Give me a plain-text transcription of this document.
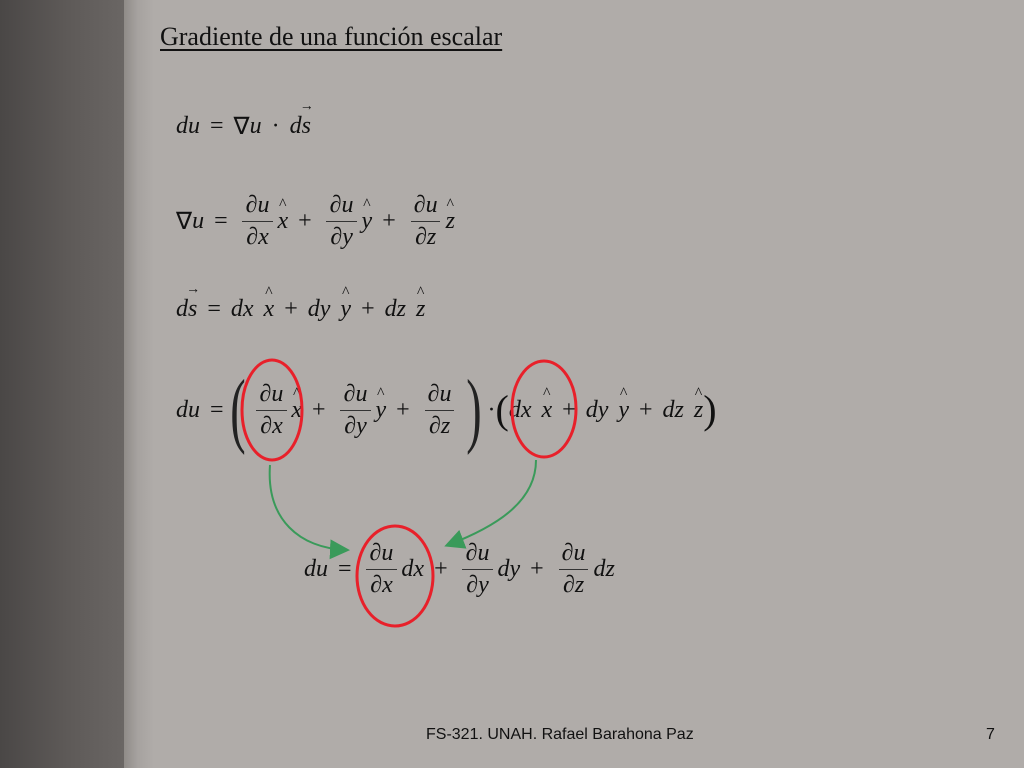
Gradiente de una función escalar
du = ∇ u · d → s
∇ $u = \frac{\partial u}{\partial x}$ ^ $x + \frac{\partial u}{\partial y}$ ^ $y + \frac{\partial u}{\partial z}$ ^ z
d → s = dx ^ x + dy ^ y + dz ^ z
du = ( $\frac{\partial u}{\partial x}$ ^ $x + \frac{\partial u}{\partial y}$ ^ $y + \frac{\partial u}{\partial z}$ ) · ( dx ^ x + dy ^ y + dz ^ z )
du = $\frac{\partial u}{\partial x}$ dx + $\frac{\partial u}{\partial y}$ dy + $\frac{\partial u}{\partial z}$ dz
FS-321. UNAH. Rafael Barahona Paz	7
